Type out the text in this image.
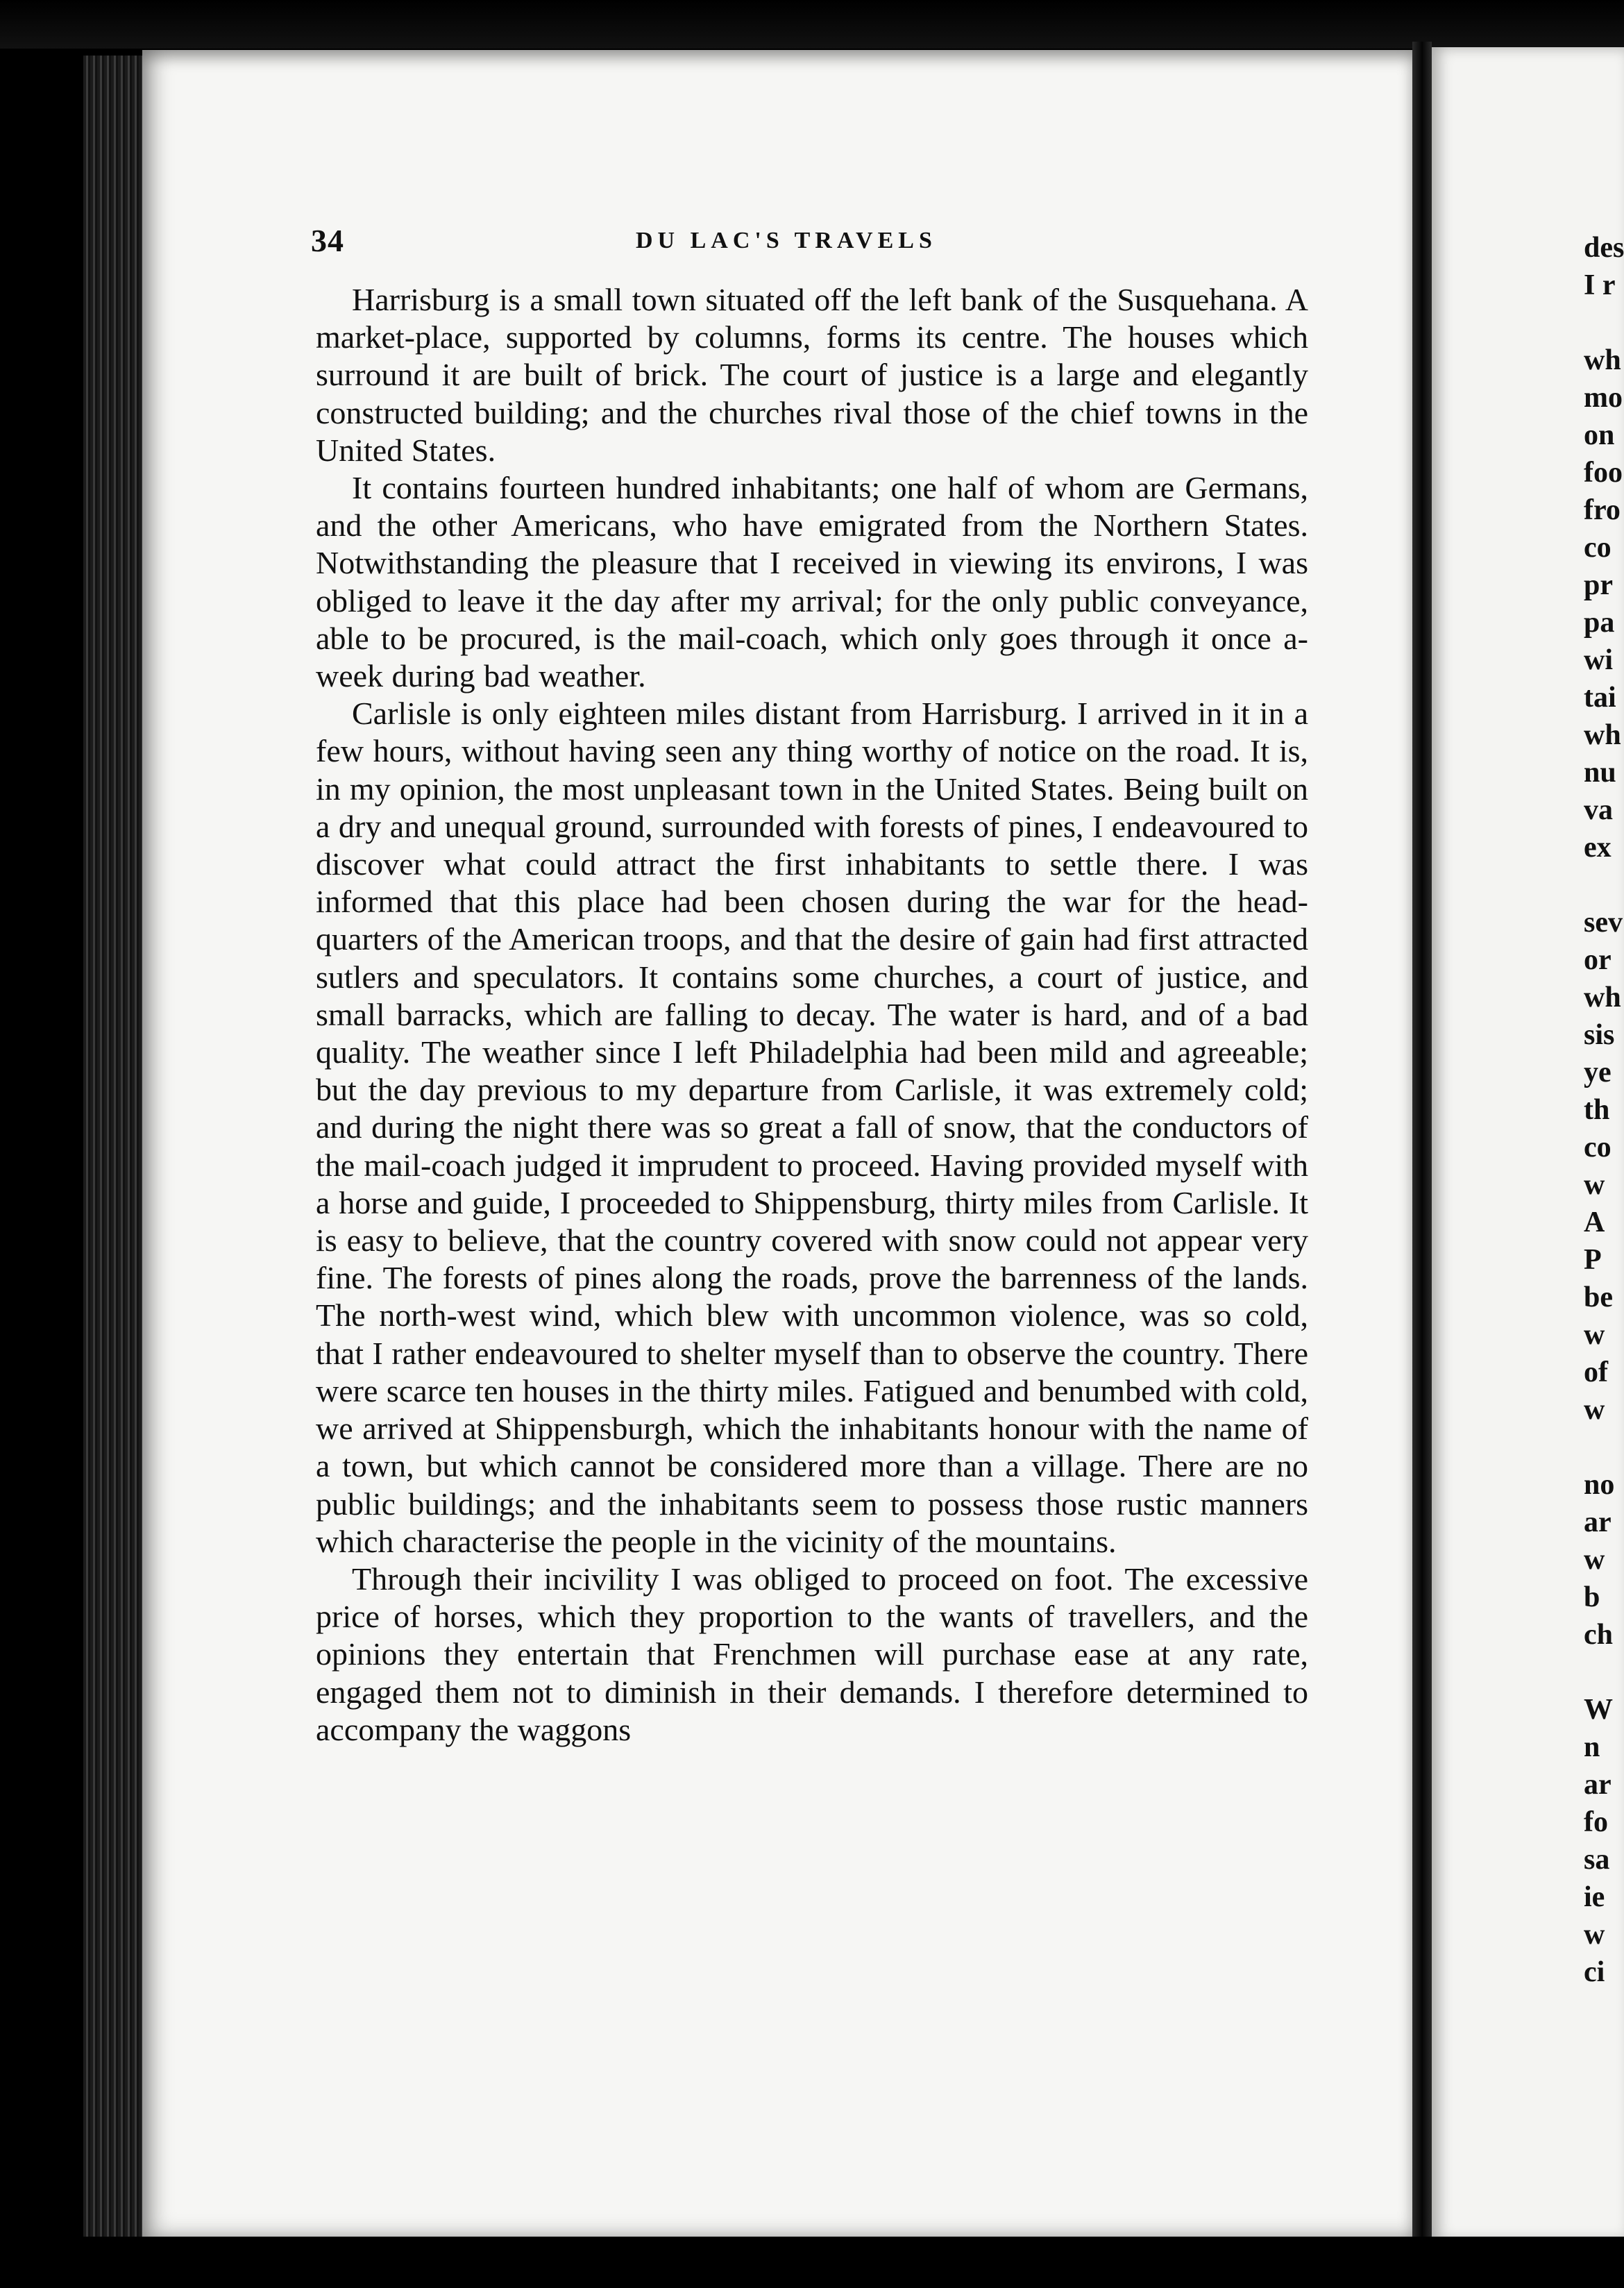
34	DU LAC'S TRAVELS

Harrisburg is a small town situated off the left bank of the Susquehana. A market-place, supported by columns, forms its centre. The houses which surround it are built of brick. The court of justice is a large and elegantly constructed building; and the churches rival those of the chief towns in the United States.

It contains fourteen hundred inhabitants; one half of whom are Germans, and the other Americans, who have emigrated from the Northern States. Notwithstanding the pleasure that I received in viewing its environs, I was obliged to leave it the day after my arrival; for the only public conveyance, able to be procured, is the mail-coach, which only goes through it once a-week during bad weather.

Carlisle is only eighteen miles distant from Harrisburg. I arrived in it in a few hours, without having seen any thing worthy of notice on the road. It is, in my opinion, the most unpleasant town in the United States. Being built on a dry and unequal ground, surrounded with forests of pines, I endeavoured to discover what could attract the first inhabitants to settle there. I was informed that this place had been chosen during the war for the head-quarters of the American troops, and that the desire of gain had first attracted sutlers and speculators. It contains some churches, a court of justice, and small barracks, which are falling to decay. The water is hard, and of a bad quality. The weather since I left Philadelphia had been mild and agreeable; but the day previous to my departure from Carlisle, it was extremely cold; and during the night there was so great a fall of snow, that the conductors of the mail-coach judged it imprudent to proceed. Having provided myself with a horse and guide, I proceeded to Shippensburg, thirty miles from Carlisle. It is easy to believe, that the country covered with snow could not appear very fine. The forests of pines along the roads, prove the barrenness of the lands. The north-west wind, which blew with uncommon violence, was so cold, that I rather endeavoured to shelter myself than to observe the country. There were scarce ten houses in the thirty miles. Fatigued and benumbed with cold, we arrived at Shippensburgh, which the inhabitants honour with the name of a town, but which cannot be considered more than a village. There are no public buildings; and the inhabitants seem to possess those rustic manners which characterise the people in the vicinity of the mountains.

Through their incivility I was obliged to proceed on foot. The excessive price of horses, which they proportion to the wants of travellers, and the opinions they entertain that Frenchmen will purchase ease at any rate, engaged them not to diminish in their demands. I therefore determined to accompany the waggons

des
I r
wh
mo
on
foo
fro
co
pr
pa
wi
tai
wh
nu
va
ex
sev
or
wh
sis
ye
th
co
w
A
P
be
w
of
w
no
ar
w
b
ch
W
n
ar
fo
sa
ie
w
ci
